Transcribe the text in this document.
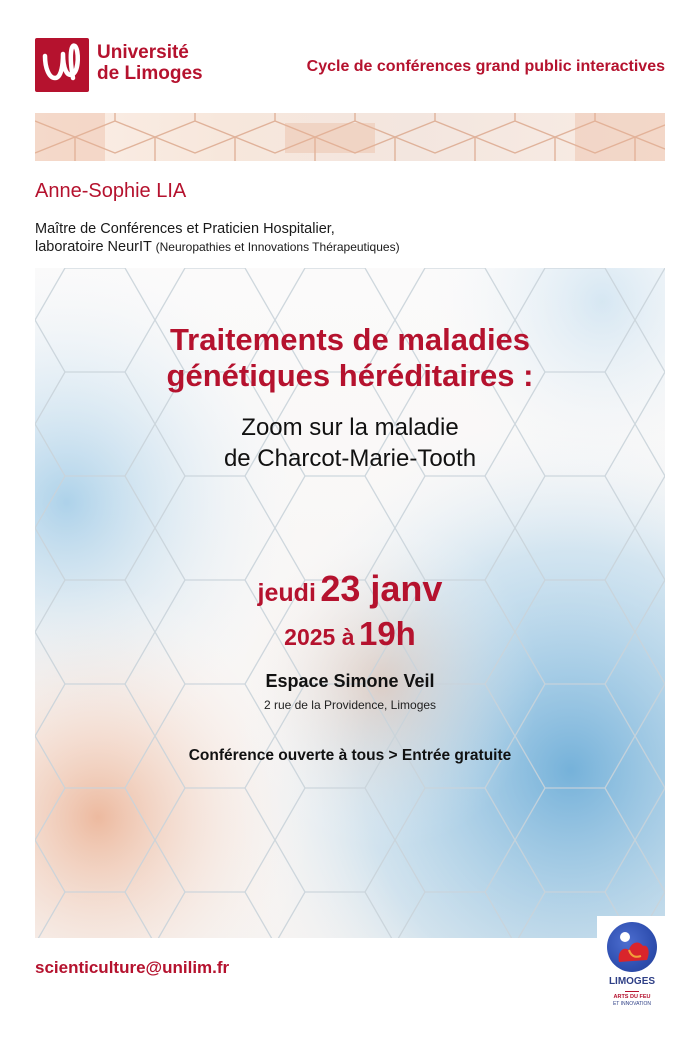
Université
de Limoges	Cycle de conférences grand public interactives
Anne-Sophie LIA
Maître de Conférences et Praticien Hospitalier,
laboratoire NeurIT (Neuropathies et Innovations Thérapeutiques)
Traitements de maladies
génétiques héréditaires :
Zoom sur la maladie
de Charcot-Marie-Tooth
jeudi 23 janv
2025 à 19h
Espace Simone Veil
2 rue de la Providence, Limoges
Conférence ouverte à tous > Entrée gratuite
scienticulture@unilim.fr
LIMOGES
ARTS DU FEU
ET INNOVATION
